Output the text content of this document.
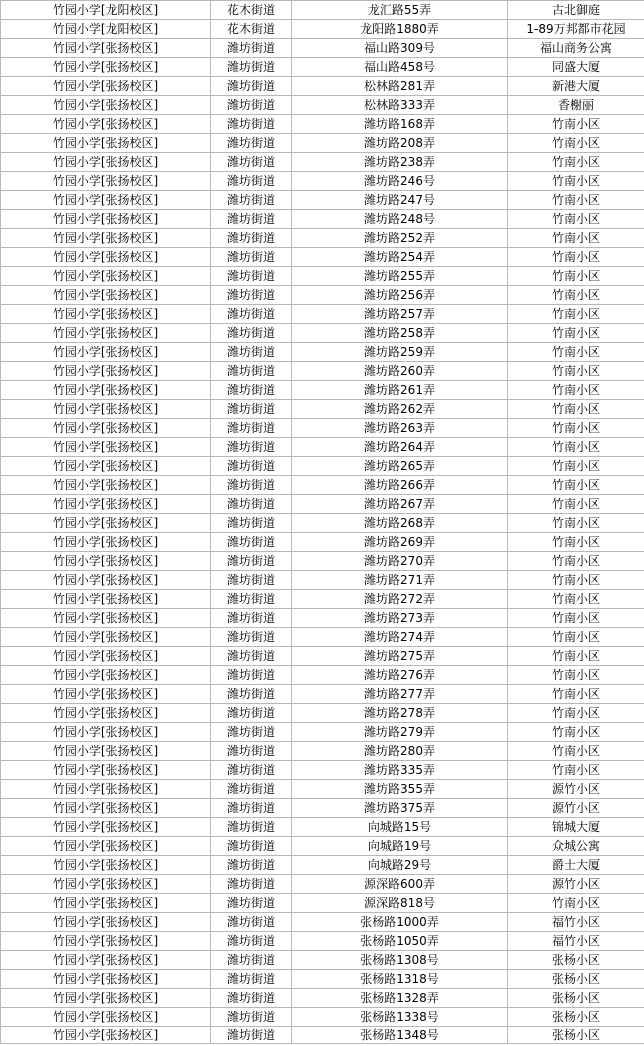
竹园小学[龙阳校区]	花木街道	龙汇路55弄	古北御庭
竹园小学[龙阳校区]	花木街道	龙阳路1880弄	1-89万邦都市花园
竹园小学[张扬校区]	潍坊街道	福山路309号	福山商务公寓
竹园小学[张扬校区]	潍坊街道	福山路458号	同盛大厦
竹园小学[张扬校区]	潍坊街道	松林路281弄	新港大厦
竹园小学[张扬校区]	潍坊街道	松林路333弄	香榭丽
竹园小学[张扬校区]	潍坊街道	潍坊路168弄	竹南小区
竹园小学[张扬校区]	潍坊街道	潍坊路208弄	竹南小区
竹园小学[张扬校区]	潍坊街道	潍坊路238弄	竹南小区
竹园小学[张扬校区]	潍坊街道	潍坊路246号	竹南小区
竹园小学[张扬校区]	潍坊街道	潍坊路247号	竹南小区
竹园小学[张扬校区]	潍坊街道	潍坊路248号	竹南小区
竹园小学[张扬校区]	潍坊街道	潍坊路252弄	竹南小区
竹园小学[张扬校区]	潍坊街道	潍坊路254弄	竹南小区
竹园小学[张扬校区]	潍坊街道	潍坊路255弄	竹南小区
竹园小学[张扬校区]	潍坊街道	潍坊路256弄	竹南小区
竹园小学[张扬校区]	潍坊街道	潍坊路257弄	竹南小区
竹园小学[张扬校区]	潍坊街道	潍坊路258弄	竹南小区
竹园小学[张扬校区]	潍坊街道	潍坊路259弄	竹南小区
竹园小学[张扬校区]	潍坊街道	潍坊路260弄	竹南小区
竹园小学[张扬校区]	潍坊街道	潍坊路261弄	竹南小区
竹园小学[张扬校区]	潍坊街道	潍坊路262弄	竹南小区
竹园小学[张扬校区]	潍坊街道	潍坊路263弄	竹南小区
竹园小学[张扬校区]	潍坊街道	潍坊路264弄	竹南小区
竹园小学[张扬校区]	潍坊街道	潍坊路265弄	竹南小区
竹园小学[张扬校区]	潍坊街道	潍坊路266弄	竹南小区
竹园小学[张扬校区]	潍坊街道	潍坊路267弄	竹南小区
竹园小学[张扬校区]	潍坊街道	潍坊路268弄	竹南小区
竹园小学[张扬校区]	潍坊街道	潍坊路269弄	竹南小区
竹园小学[张扬校区]	潍坊街道	潍坊路270弄	竹南小区
竹园小学[张扬校区]	潍坊街道	潍坊路271弄	竹南小区
竹园小学[张扬校区]	潍坊街道	潍坊路272弄	竹南小区
竹园小学[张扬校区]	潍坊街道	潍坊路273弄	竹南小区
竹园小学[张扬校区]	潍坊街道	潍坊路274弄	竹南小区
竹园小学[张扬校区]	潍坊街道	潍坊路275弄	竹南小区
竹园小学[张扬校区]	潍坊街道	潍坊路276弄	竹南小区
竹园小学[张扬校区]	潍坊街道	潍坊路277弄	竹南小区
竹园小学[张扬校区]	潍坊街道	潍坊路278弄	竹南小区
竹园小学[张扬校区]	潍坊街道	潍坊路279弄	竹南小区
竹园小学[张扬校区]	潍坊街道	潍坊路280弄	竹南小区
竹园小学[张扬校区]	潍坊街道	潍坊路335弄	竹南小区
竹园小学[张扬校区]	潍坊街道	潍坊路355弄	源竹小区
竹园小学[张扬校区]	潍坊街道	潍坊路375弄	源竹小区
竹园小学[张扬校区]	潍坊街道	向城路15号	锦城大厦
竹园小学[张扬校区]	潍坊街道	向城路19号	众城公寓
竹园小学[张扬校区]	潍坊街道	向城路29号	爵士大厦
竹园小学[张扬校区]	潍坊街道	源深路600弄	源竹小区
竹园小学[张扬校区]	潍坊街道	源深路818号	竹南小区
竹园小学[张扬校区]	潍坊街道	张杨路1000弄	福竹小区
竹园小学[张扬校区]	潍坊街道	张杨路1050弄	福竹小区
竹园小学[张扬校区]	潍坊街道	张杨路1308号	张杨小区
竹园小学[张扬校区]	潍坊街道	张杨路1318号	张杨小区
竹园小学[张扬校区]	潍坊街道	张杨路1328弄	张杨小区
竹园小学[张扬校区]	潍坊街道	张杨路1338号	张杨小区
竹园小学[张扬校区]	潍坊街道	张杨路1348号	张杨小区
